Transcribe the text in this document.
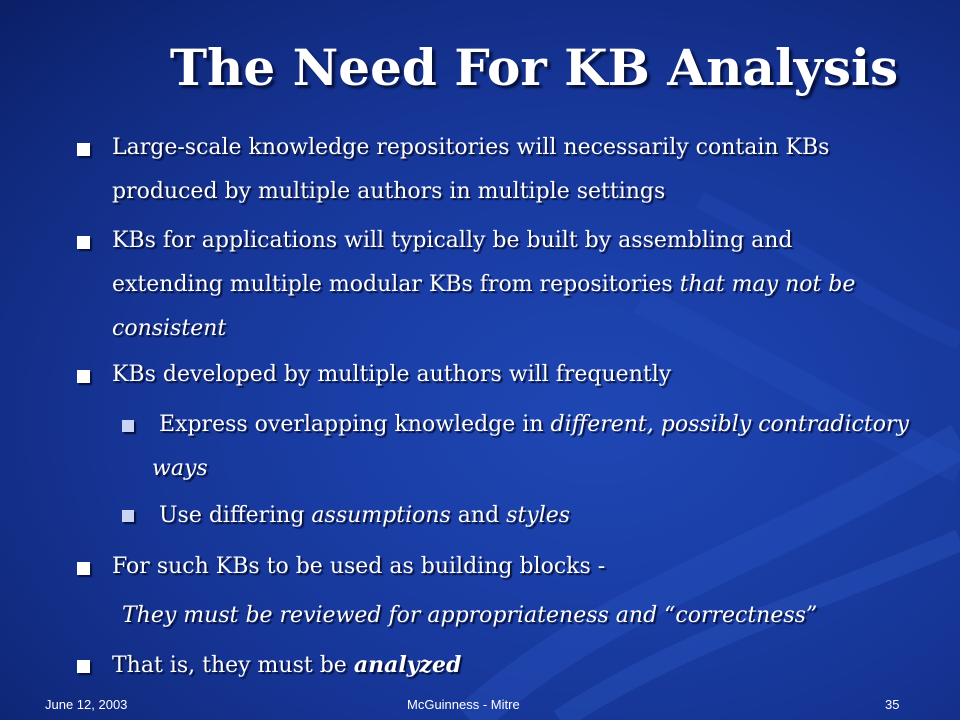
The Need For KB Analysis
Large-scale knowledge repositories will necessarily contain KBs
produced by multiple authors in multiple settings
KBs for applications will typically be built by assembling and
extending multiple modular KBs from repositories that may not be
consistent
KBs developed by multiple authors will frequently
Express overlapping knowledge in different, possibly contradictory
ways
Use differing assumptions and styles
For such KBs to be used as building blocks -
They must be reviewed for appropriateness and “correctness”
That is, they must be analyzed
June 12, 2003	McGuinness - Mitre	35
